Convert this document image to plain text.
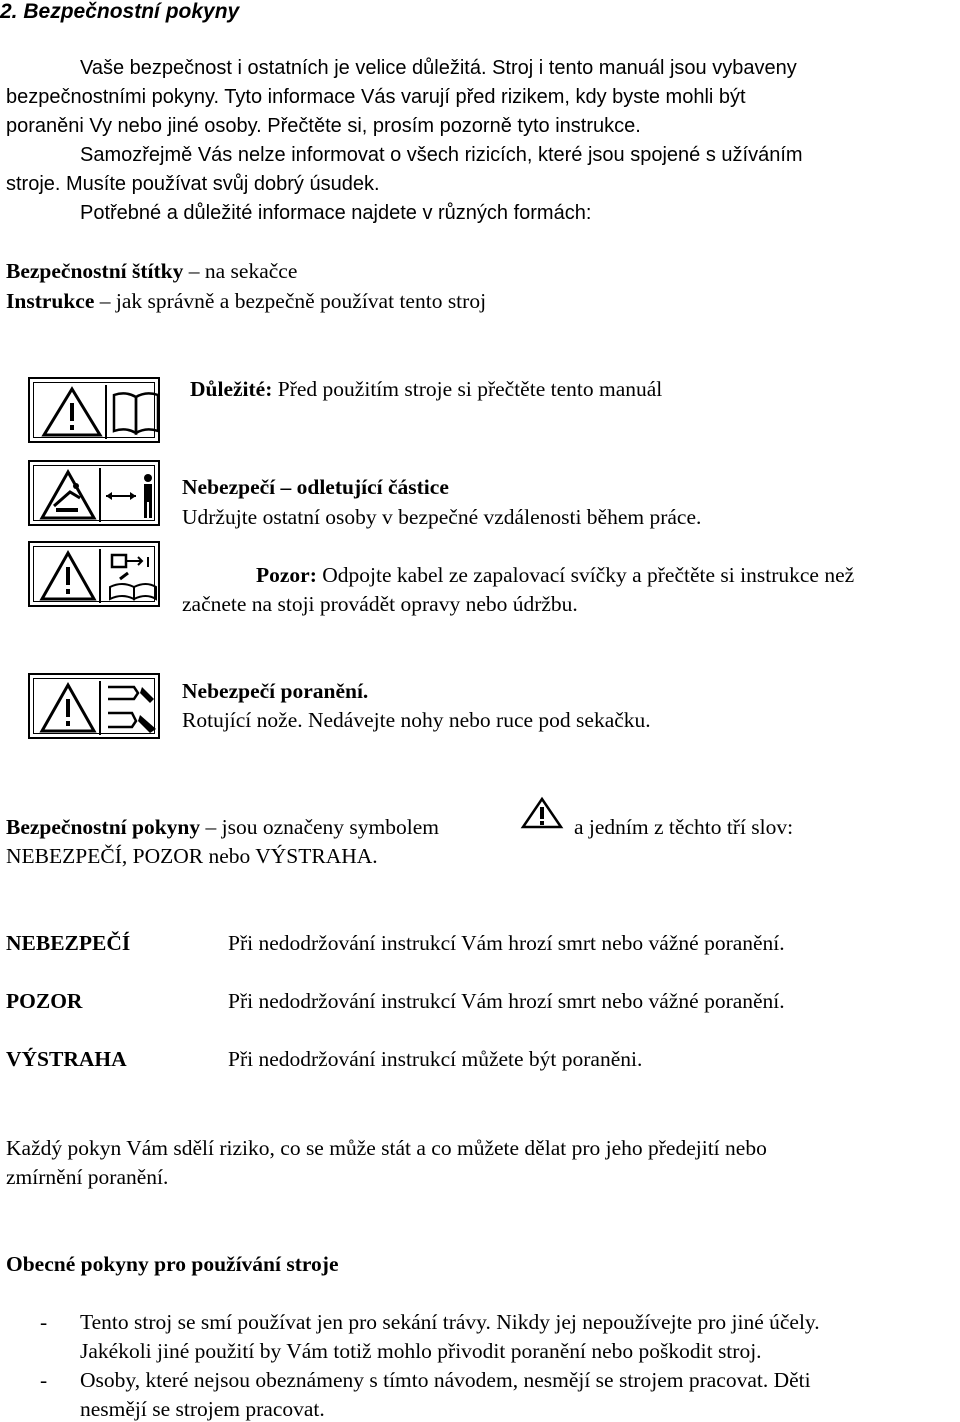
2. Bezpečnostní pokyny
Vaše bezpečnost i ostatních je velice důležitá. Stroj i tento manuál jsou vybaveny
bezpečnostními pokyny. Tyto informace Vás varují před rizikem, kdy byste mohli být
poraněni Vy nebo jiné osoby. Přečtěte si, prosím pozorně tyto instrukce.
Samozřejmě Vás nelze informovat o všech rizicích, které jsou spojené s užíváním
stroje. Musíte používat svůj dobrý úsudek.
Potřebné a důležité informace najdete v různých formách:
Bezpečnostní štítky – na sekačce
Instrukce – jak správně a bezpečně používat tento stroj
Důležité: Před použitím stroje si přečtěte tento manuál
Nebezpečí – odletující částice
Udržujte ostatní osoby v bezpečné vzdálenosti během práce.
Pozor: Odpojte kabel ze zapalovací svíčky a přečtěte si instrukce než
začnete na stoji provádět opravy nebo údržbu.
Nebezpečí poranění.
Rotující nože. Nedávejte nohy nebo ruce pod sekačku.
Bezpečnostní pokyny – jsou označeny symbolem	a jedním z těchto tří slov:
NEBEZPEČÍ, POZOR nebo VÝSTRAHA.
NEBEZPEČÍ	Při nedodržování instrukcí Vám hrozí smrt nebo vážné poranění.
POZOR	Při nedodržování instrukcí Vám hrozí smrt nebo vážné poranění.
VÝSTRAHA	Při nedodržování instrukcí můžete být poraněni.
Každý pokyn Vám sdělí riziko, co se může stát a co můžete dělat pro jeho předejití nebo
zmírnění poranění.
Obecné pokyny pro používání stroje
- Tento stroj se smí používat jen pro sekání trávy. Nikdy jej nepoužívejte pro jiné účely.
Jakékoli jiné použití by Vám totiž mohlo přivodit poranění nebo poškodit stroj.
- Osoby, které nejsou obeznámeny s tímto návodem, nesmějí se strojem pracovat. Děti
nesmějí se strojem pracovat.
